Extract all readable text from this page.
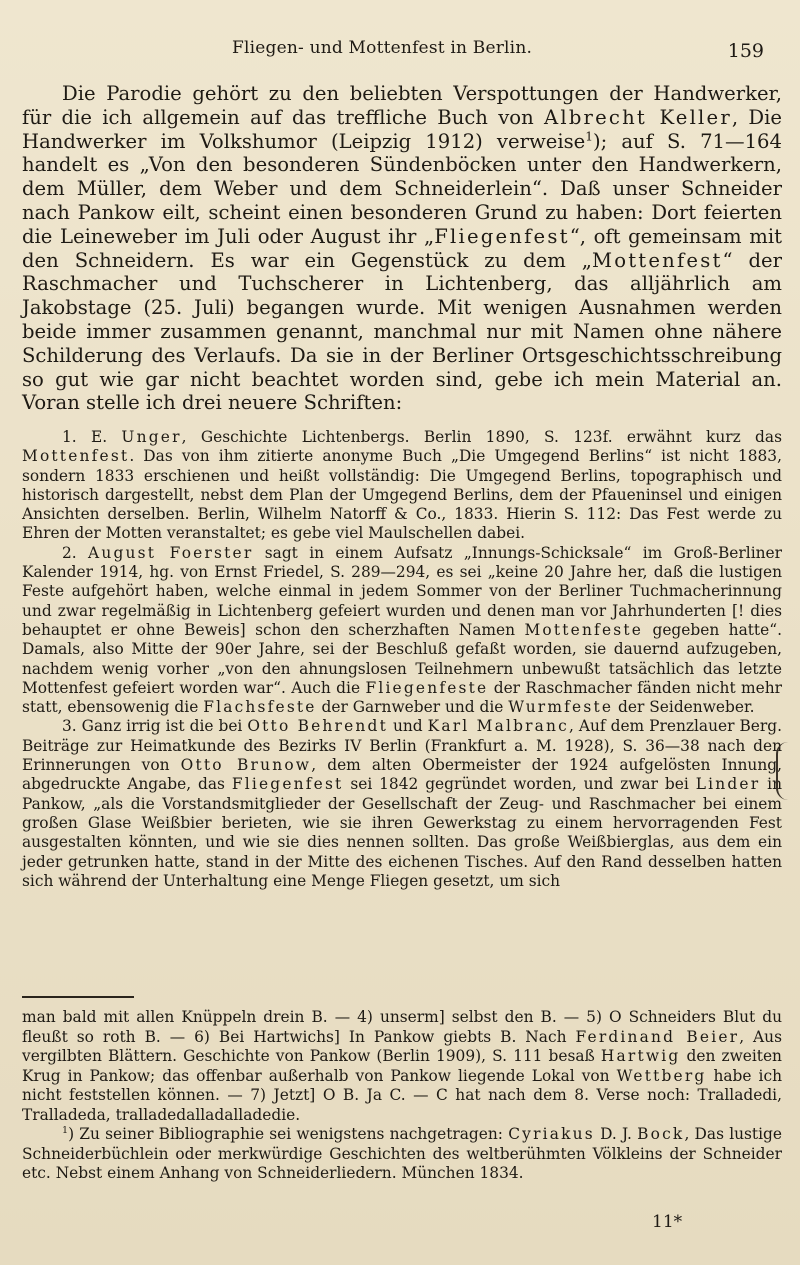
Fliegen- und Mottenfest in Berlin.	159

Die Parodie gehört zu den beliebten Verspottungen der Handwerker, für die ich allgemein auf das treffliche Buch von Albrecht Keller, Die Handwerker im Volkshumor (Leipzig 1912) verweise$^1$); auf S. 71—164 handelt es „Von den besonderen Sündenböcken unter den Handwerkern, dem Müller, dem Weber und dem Schneiderlein“. Daß unser Schneider nach Pankow eilt, scheint einen besonderen Grund zu haben: Dort feierten die Leineweber im Juli oder August ihr „Fliegenfest“, oft gemeinsam mit den Schneidern. Es war ein Gegenstück zu dem „Mottenfest“ der Raschmacher und Tuchscherer in Lichtenberg, das alljährlich am Jakobstage (25. Juli) begangen wurde. Mit wenigen Ausnahmen werden beide immer zusammen genannt, manchmal nur mit Namen ohne nähere Schilderung des Verlaufs. Da sie in der Berliner Ortsgeschichtsschreibung so gut wie gar nicht beachtet worden sind, gebe ich mein Material an. Voran stelle ich drei neuere Schriften:

1. E. Unger, Geschichte Lichtenbergs. Berlin 1890, S. 123f. erwähnt kurz das Mottenfest. Das von ihm zitierte anonyme Buch „Die Umgegend Berlins“ ist nicht 1883, sondern 1833 erschienen und heißt vollständig: Die Umgegend Berlins, topographisch und historisch dargestellt, nebst dem Plan der Umgegend Berlins, dem der Pfaueninsel und einigen Ansichten derselben. Berlin, Wilhelm Natorff & Co., 1833. Hierin S. 112: Das Fest werde zu Ehren der Motten veranstaltet; es gebe viel Maulschellen dabei.

2. August Foerster sagt in einem Aufsatz „Innungs-Schicksale“ im Groß-Berliner Kalender 1914, hg. von Ernst Friedel, S. 289—294, es sei „keine 20 Jahre her, daß die lustigen Feste aufgehört haben, welche einmal in jedem Sommer von der Berliner Tuchmacherinnung und zwar regelmäßig in Lichtenberg gefeiert wurden und denen man vor Jahrhunderten [! dies behauptet er ohne Beweis] schon den scherzhaften Namen Mottenfeste gegeben hatte“. Damals, also Mitte der 90er Jahre, sei der Beschluß gefaßt worden, sie dauernd aufzugeben, nachdem wenig vorher „von den ahnungslosen Teilnehmern unbewußt tatsächlich das letzte Mottenfest gefeiert worden war“. Auch die Fliegenfeste der Raschmacher fänden nicht mehr statt, ebensowenig die Flachsfeste der Garnweber und die Wurmfeste der Seidenweber.

3. Ganz irrig ist die bei Otto Behrendt und Karl Malbranc, Auf dem Prenzlauer Berg. Beiträge zur Heimatkunde des Bezirks IV Berlin (Frankfurt a. M. 1928), S. 36—38 nach den Erinnerungen von Otto Brunow, dem alten Obermeister der 1924 aufgelösten Innung, abgedruckte Angabe, das Fliegenfest sei 1842 gegründet worden, und zwar bei Linder in Pankow, „als die Vorstandsmitglieder der Gesellschaft der Zeug- und Raschmacher bei einem großen Glase Weißbier berieten, wie sie ihren Gewerkstag zu einem hervorragenden Fest ausgestalten könnten, und wie sie dies nennen sollten. Das große Weißbierglas, aus dem ein jeder getrunken hatte, stand in der Mitte des eichenen Tisches. Auf den Rand desselben hatten sich während der Unterhaltung eine Menge Fliegen gesetzt, um sich

man bald mit allen Knüppeln drein B. — 4) unserm] selbst den B. — 5) O Schneiders Blut du fleußt so roth B. — 6) Bei Hartwichs] In Pankow giebts B. Nach Ferdinand Beier, Aus vergilbten Blättern. Geschichte von Pankow (Berlin 1909), S. 111 besaß Hartwig den zweiten Krug in Pankow; das offenbar außerhalb von Pankow liegende Lokal von Wettberg habe ich nicht feststellen können. — 7) Jetzt] O B. Ja C. — C hat nach dem 8. Verse noch: Tralladedi, Tralladeda, tralladedalladalladedie.

$^1$) Zu seiner Bibliographie sei wenigstens nachgetragen: Cyriakus D. J. Bock, Das lustige Schneiderbüchlein oder merkwürdige Geschichten des weltberühmten Völkleins der Schneider etc. Nebst einem Anhang von Schneiderliedern. München 1834.

11*
